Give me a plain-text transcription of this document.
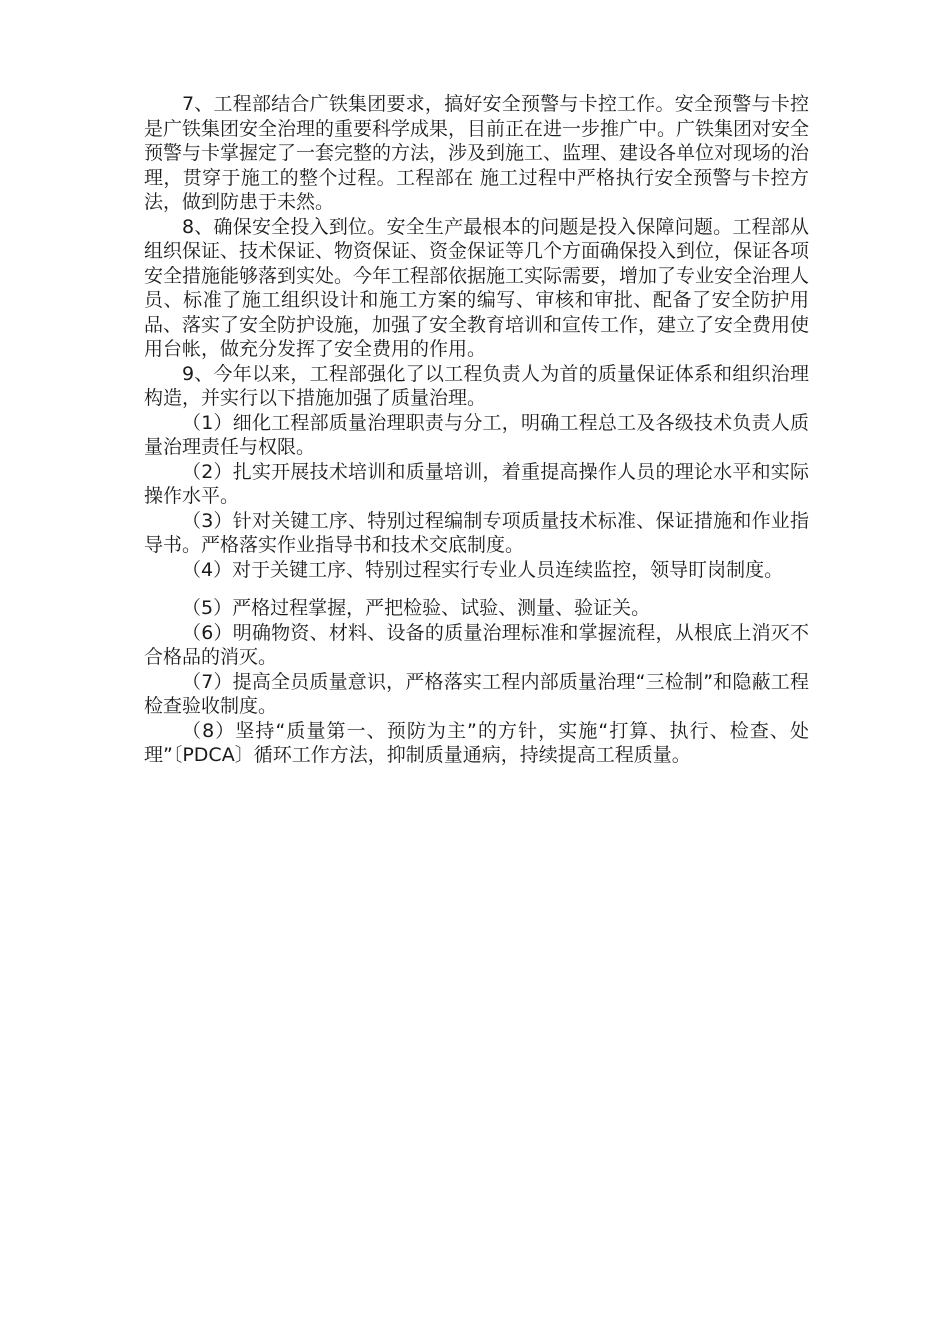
7、工程部结合广铁集团要求，搞好安全预警与卡控工作。安全预警与卡控是广铁集团安全治理的重要科学成果，目前正在进一步推广中。广铁集团对安全预警与卡掌握定了一套完整的方法，涉及到施工、监理、建设各单位对现场的治理，贯穿于施工的整个过程。工程部在 施工过程中严格执行安全预警与卡控方法，做到防患于未然。

8、确保安全投入到位。安全生产最根本的问题是投入保障问题。工程部从组织保证、技术保证、物资保证、资金保证等几个方面确保投入到位，保证各项安全措施能够落到实处。今年工程部依据施工实际需要，增加了专业安全治理人员、标准了施工组织设计和施工方案的编写、审核和审批、配备了安全防护用品、落实了安全防护设施，加强了安全教育培训和宣传工作，建立了安全费用使用台帐，做充分发挥了安全费用的作用。

9、今年以来，工程部强化了以工程负责人为首的质量保证体系和组织治理构造，并实行以下措施加强了质量治理。

（1）细化工程部质量治理职责与分工，明确工程总工及各级技术负责人质量治理责任与权限。

（2）扎实开展技术培训和质量培训，着重提高操作人员的理论水平和实际操作水平。

（3）针对关键工序、特别过程编制专项质量技术标准、保证措施和作业指导书。严格落实作业指导书和技术交底制度。

（4）对于关键工序、特别过程实行专业人员连续监控，领导盯岗制度。

（5）严格过程掌握，严把检验、试验、测量、验证关。

（6）明确物资、材料、设备的质量治理标准和掌握流程，从根底上消灭不合格品的消灭。

（7）提高全员质量意识，严格落实工程内部质量治理“三检制”和隐蔽工程检查验收制度。

（8）坚持“质量第一、预防为主”的方针，实施“打算、执行、检查、处理”〔PDCA〕循环工作方法，抑制质量通病，持续提高工程质量。
